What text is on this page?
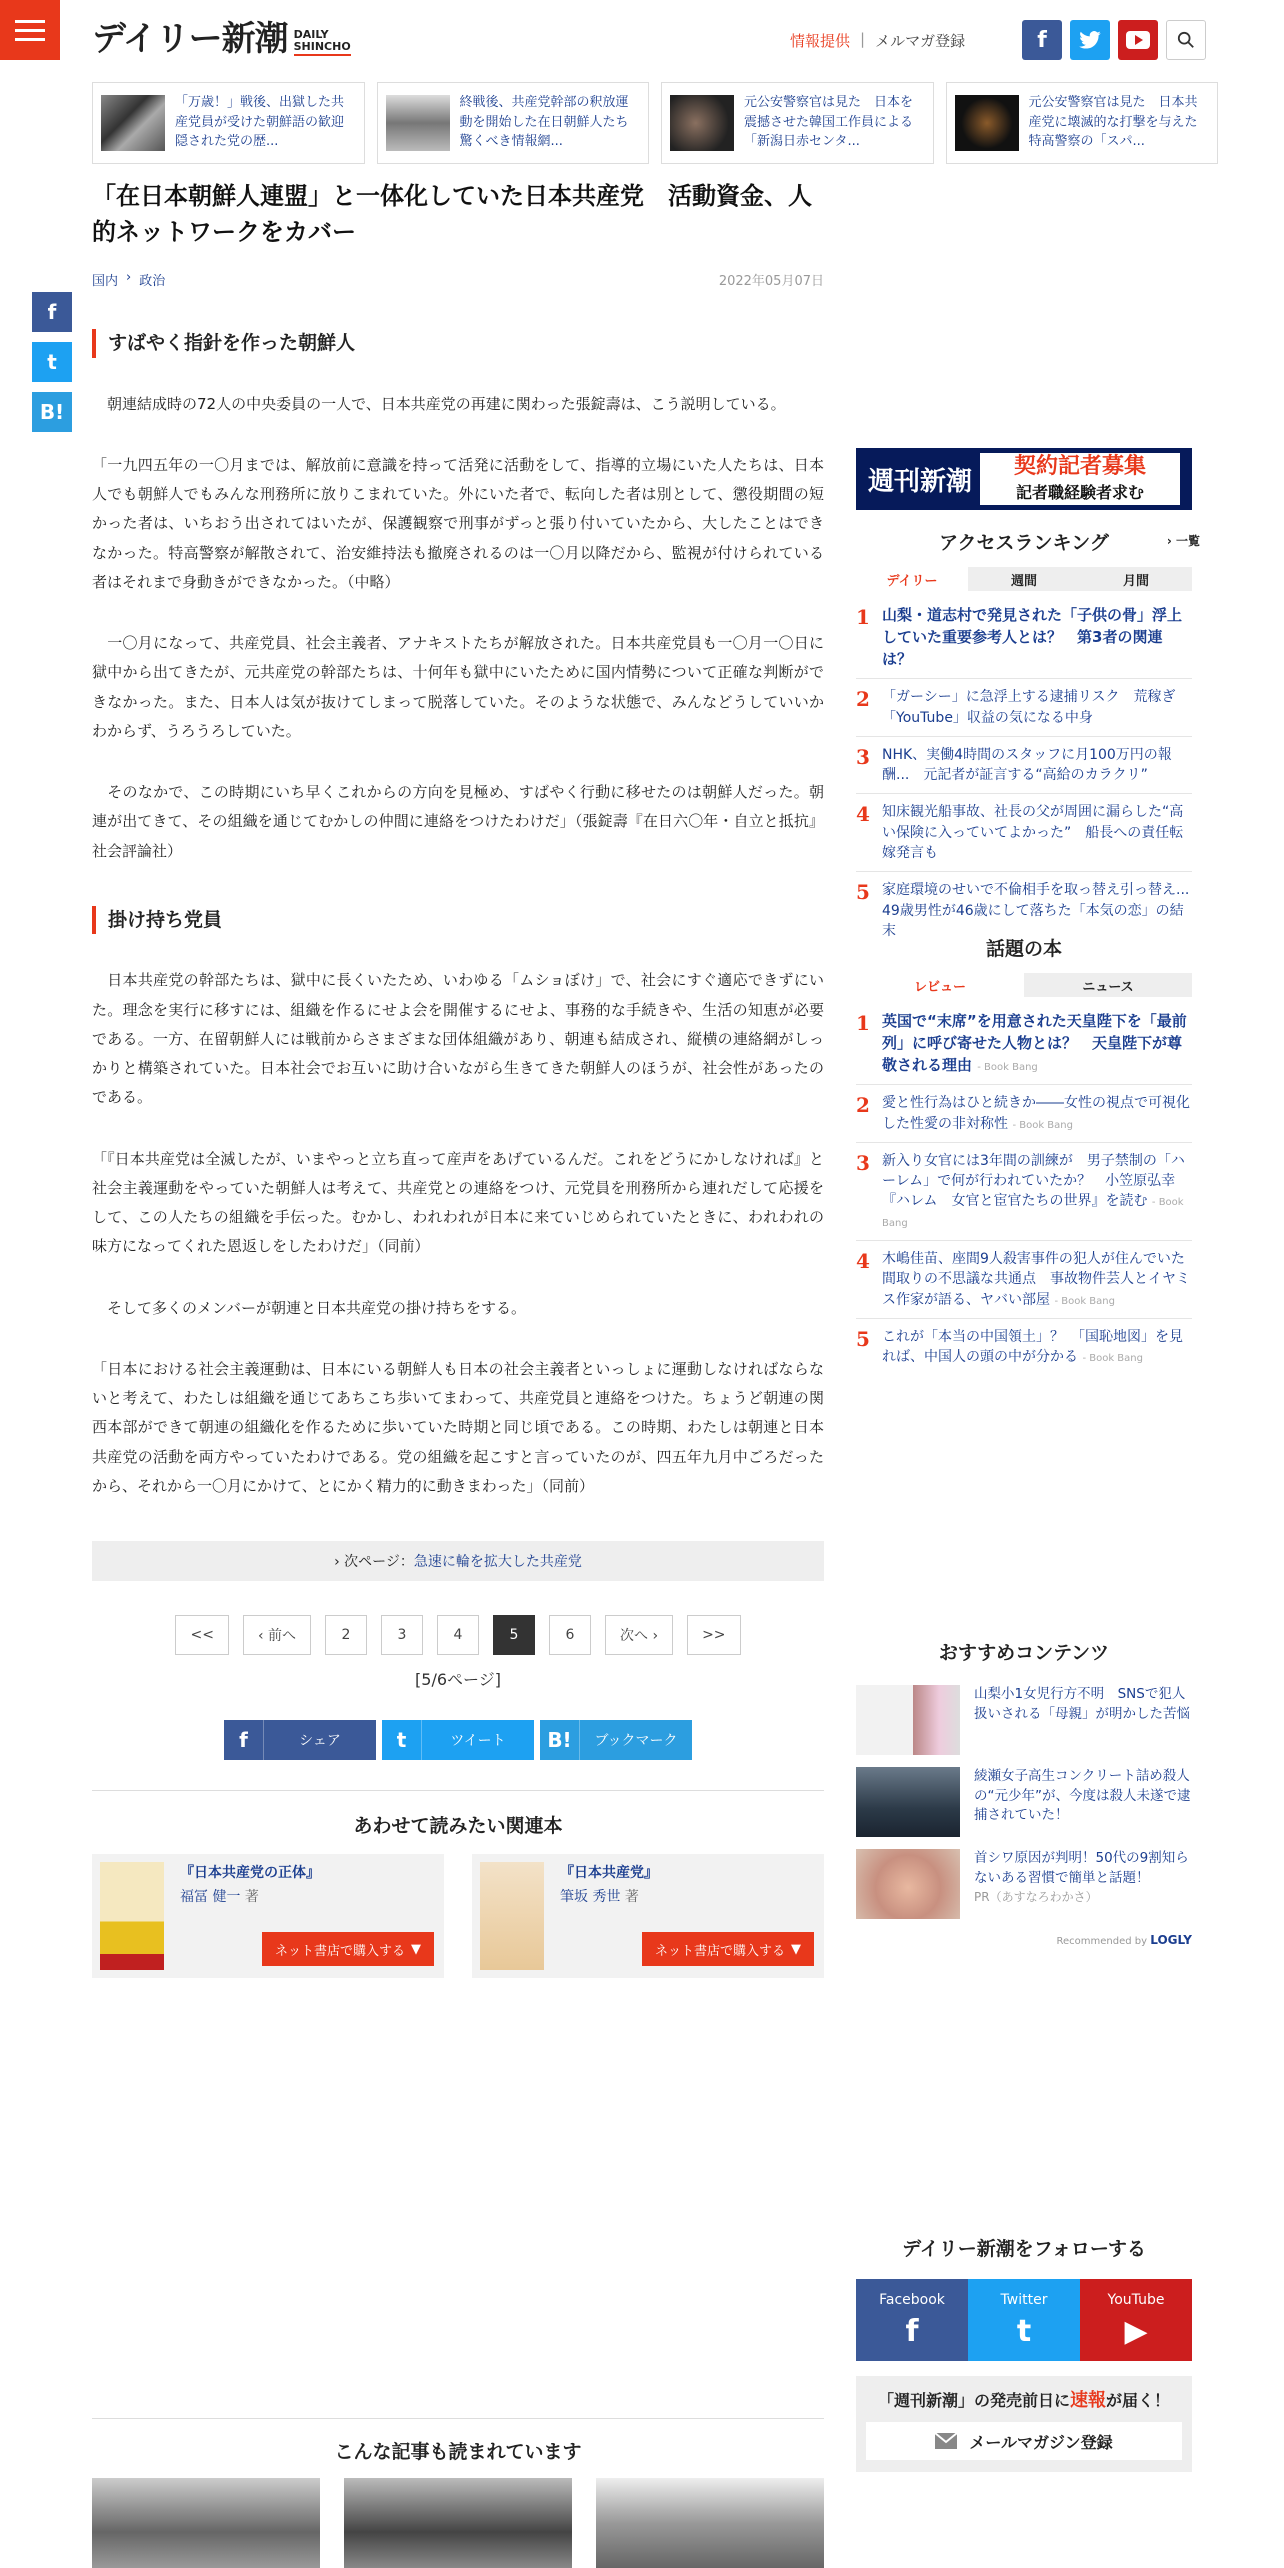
デイリー新潮 DAILY
SHINCHO	情報提供 | メルマガ登録	f
「万歳！」戦後、出獄した共産党員が受けた朝鮮語の歓迎　隠された党の歴...
終戦後、共産党幹部の釈放運動を開始した在日朝鮮人たち　驚くべき情報網...
元公安警察官は見た　日本を震撼させた韓国工作員による「新潟日赤センタ...
元公安警察官は見た　日本共産党に壊滅的な打撃を与えた特高警察の「スパ...
f
t
B!
「在日本朝鮮人連盟」と一体化していた日本共産党　活動資金、人的ネットワークをカバー
国内 › 政治	2022年05月07日
すばやく指針を作った朝鮮人

　朝連結成時の72人の中央委員の一人で、日本共産党の再建に関わった張錠壽は、こう説明している。

「一九四五年の一〇月までは、解放前に意識を持って活発に活動をして、指導的立場にいた人たちは、日本人でも朝鮮人でもみんな刑務所に放りこまれていた。外にいた者で、転向した者は別として、懲役期間の短かった者は、いちおう出されてはいたが、保護観察で刑事がずっと張り付いていたから、大したことはできなかった。特高警察が解散されて、治安維持法も撤廃されるのは一〇月以降だから、監視が付けられている者はそれまで身動きができなかった。（中略）

　一〇月になって、共産党員、社会主義者、アナキストたちが解放された。日本共産党員も一〇月一〇日に獄中から出てきたが、元共産党の幹部たちは、十何年も獄中にいたために国内情勢について正確な判断ができなかった。また、日本人は気が抜けてしまって脱落していた。そのような状態で、みんなどうしていいかわからず、うろうろしていた。

　そのなかで、この時期にいち早くこれからの方向を見極め、すばやく行動に移せたのは朝鮮人だった。朝連が出てきて、その組織を通じてむかしの仲間に連絡をつけたわけだ」（張錠壽『在日六〇年・自立と抵抗』社会評論社）

掛け持ち党員

　日本共産党の幹部たちは、獄中に長くいたため、いわゆる「ムショぼけ」で、社会にすぐ適応できずにいた。理念を実行に移すには、組織を作るにせよ会を開催するにせよ、事務的な手続きや、生活の知恵が必要である。一方、在留朝鮮人には戦前からさまざまな団体組織があり、朝連も結成され、縦横の連絡網がしっかりと構築されていた。日本社会でお互いに助け合いながら生きてきた朝鮮人のほうが、社会性があったのである。

「『日本共産党は全滅したが、いまやっと立ち直って産声をあげているんだ。これをどうにかしなければ』と社会主義運動をやっていた朝鮮人は考えて、共産党との連絡をつけ、元党員を刑務所から連れだして応援をして、この人たちの組織を手伝った。むかし、われわれが日本に来ていじめられていたときに、われわれの味方になってくれた恩返しをしたわけだ」（同前）

　そして多くのメンバーが朝連と日本共産党の掛け持ちをする。

「日本における社会主義運動は、日本にいる朝鮮人も日本の社会主義者といっしょに運動しなければならないと考えて、わたしは組織を通じてあちこち歩いてまわって、共産党員と連絡をつけた。ちょうど朝連の関西本部ができて朝連の組織化を作るために歩いていた時期と同じ頃である。この時期、わたしは朝連と日本共産党の活動を両方やっていたわけである。党の組織を起こすと言っていたのが、四五年九月中ごろだったから、それから一〇月にかけて、とにかく精力的に動きまわった」（同前）

› 次ページ： 急速に輪を拡大した共産党
<<	‹ 前へ	2	3	4	5	6	次へ ›	>>
[5/6ページ]
f	シェア	t	ツイート	B!	ブックマーク
あわせて読みたい関連本
『日本共産党の正体』
福冨 健一 著
ネット書店で購入する ▼
『日本共産党』
筆坂 秀世 著
ネット書店で購入する ▼
こんな記事も読まれています
週刊新潮 契約記者募集
記者職経験者求む
アクセスランキング	› 一覧
デイリー	週間	月間
1 山梨・道志村で発見された「子供の骨」浮上していた重要参考人とは？　第3者の関連は？
2 「ガーシー」に急浮上する逮捕リスク　荒稼ぎ「YouTube」収益の気になる中身
3 NHK、実働4時間のスタッフに月100万円の報酬...　元記者が証言する“高給のカラクリ”
4 知床観光船事故、社長の父が周囲に漏らした“高い保険に入っていてよかった”　船長への責任転嫁発言も
5 家庭環境のせいで不倫相手を取っ替え引っ替え... 49歳男性が46歳にして落ちた「本気の恋」の結末
話題の本
レビュー	ニュース
1 英国で“末席”を用意された天皇陛下を「最前列」に呼び寄せた人物とは？　天皇陛下が尊敬される理由 - Book Bang
2 愛と性行為はひと続きか――女性の視点で可視化した性愛の非対称性 - Book Bang
3 新入り女官には3年間の訓練が　男子禁制の「ハーレム」で何が行われていたか？　小笠原弘幸『ハレム　女官と宦官たちの世界』を読む - Book Bang
4 木嶋佳苗、座間9人殺害事件の犯人が住んでいた間取りの不思議な共通点　事故物件芸人とイヤミス作家が語る、ヤバい部屋 - Book Bang
5 これが「本当の中国領土」？　「国恥地図」を見れば、中国人の頭の中が分かる - Book Bang
おすすめコンテンツ
山梨小1女児行方不明　SNSで犯人扱いされる「母親」が明かした苦悩
綾瀬女子高生コンクリート詰め殺人の“元少年”が、今度は殺人未遂で逮捕されていた！
首シワ原因が判明！50代の9割知らないある習慣で簡単と話題！
PR（あすなろわかさ）
Recommended by LOGLY
デイリー新潮をフォローする
Facebook
f
Twitter
t
YouTube
▶
「週刊新潮」の発売前日に速報が届く！
メールマガジン登録
